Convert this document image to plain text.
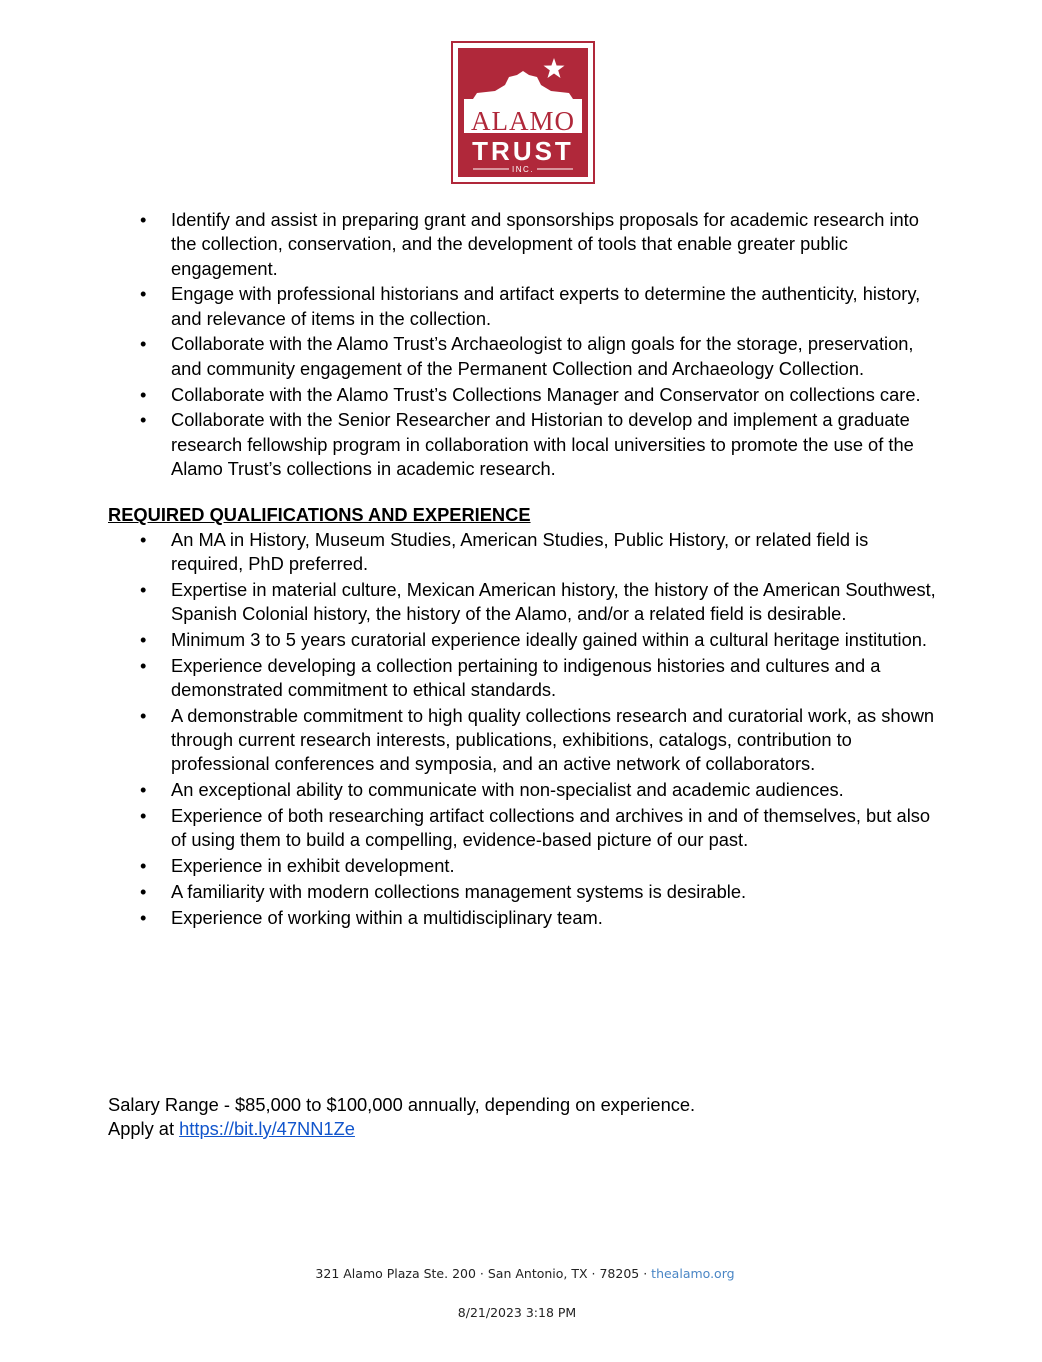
ALAMO
TRUST
INC.
• Identify and assist in preparing grant and sponsorships proposals for academic research into the collection, conservation, and the development of tools that enable greater public engagement.
• Engage with professional historians and artifact experts to determine the authenticity, history, and relevance of items in the collection.
• Collaborate with the Alamo Trust’s Archaeologist to align goals for the storage, preservation, and community engagement of the Permanent Collection and Archaeology Collection.
• Collaborate with the Alamo Trust’s Collections Manager and Conservator on collections care.
• Collaborate with the Senior Researcher and Historian to develop and implement a graduate research fellowship program in collaboration with local universities to promote the use of the Alamo Trust’s collections in academic research.
REQUIRED QUALIFICATIONS AND EXPERIENCE
• An MA in History, Museum Studies, American Studies, Public History, or related field is required, PhD preferred.
• Expertise in material culture, Mexican American history, the history of the American Southwest, Spanish Colonial history, the history of the Alamo, and/or a related field is desirable.
• Minimum 3 to 5 years curatorial experience ideally gained within a cultural heritage institution.
• Experience developing a collection pertaining to indigenous histories and cultures and a demonstrated commitment to ethical standards.
• A demonstrable commitment to high quality collections research and curatorial work, as shown through current research interests, publications, exhibitions, catalogs, contribution to professional conferences and symposia, and an active network of collaborators.
• An exceptional ability to communicate with non-specialist and academic audiences.
• Experience of both researching artifact collections and archives in and of themselves, but also of using them to build a compelling, evidence-based picture of our past.
• Experience in exhibit development.
• A familiarity with modern collections management systems is desirable.
• Experience of working within a multidisciplinary team.
Salary Range - $85,000 to $100,000 annually, depending on experience.
Apply at https://bit.ly/47NN1Ze
321 Alamo Plaza Ste. 200 · San Antonio, TX · 78205 · thealamo.org
8/21/2023 3:18 PM
